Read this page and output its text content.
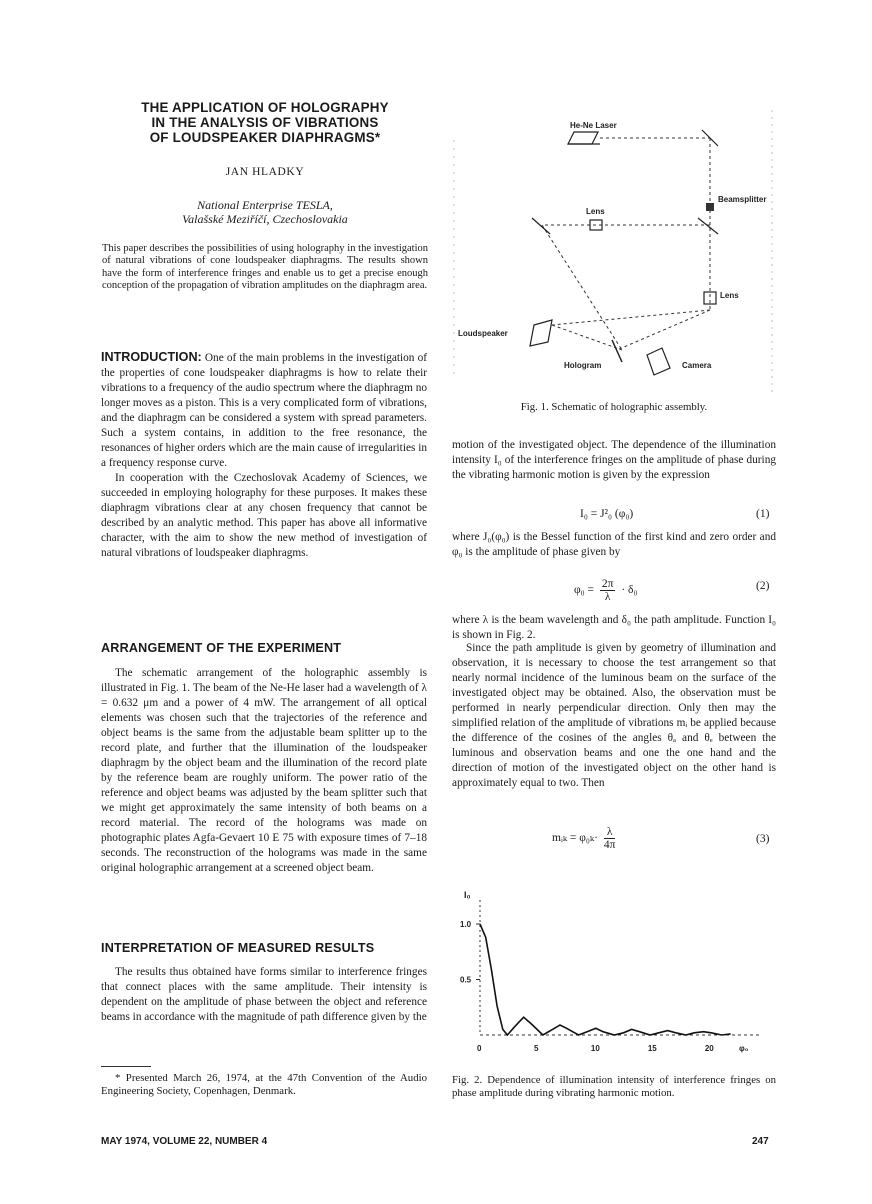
THE APPLICATION OF HOLOGRAPHY
IN THE ANALYSIS OF VIBRATIONS
OF LOUDSPEAKER DIAPHRAGMS*
JAN HLADKY
National Enterprise TESLA,
Valašské Meziříčí, Czechoslovakia
This paper describes the possibilities of using holography in the investigation of natural vibrations of cone loudspeaker diaphragms. The results shown have the form of interference fringes and enable us to get a precise enough conception of the propagation of vibration amplitudes on the diaphragm area.

INTRODUCTION: One of the main problems in the investigation of the properties of cone loudspeaker diaphragms is how to relate their vibrations to a frequency of the audio spectrum where the diaphragm no longer moves as a piston. This is a very complicated form of vibrations, and the diaphragm can be considered a system with spread parameters. Such a system contains, in addition to the free resonance, the resonances of higher orders which are the main cause of irregularities in a frequency response curve.

In cooperation with the Czechoslovak Academy of Sciences, we succeeded in employing holography for these purposes. It makes these diaphragm vibrations clear at any chosen frequency that cannot be described by an analytic method. This paper has above all informative character, with the aim to show the new method of investigation of natural vibrations of loudspeaker diaphragms.

ARRANGEMENT OF THE EXPERIMENT

The schematic arrangement of the holographic assembly is illustrated in Fig. 1. The beam of the Ne-He laser had a wavelength of λ = 0.632 μm and a power of 4 mW. The arrangement of all optical elements was chosen such that the trajectories of the reference and object beams is the same from the adjustable beam splitter up to the record plate, and further that the illumination of the loudspeaker diaphragm by the object beam and the illumination of the record plate by the reference beam are roughly uniform. The power ratio of the reference and object beams was adjusted by the beam splitter such that we might get approximately the same intensity of both beams on a record material. The record of the holograms was made on photographic plates Agfa-Gevaert 10 E 75 with exposure times of 7–18 seconds. The reconstruction of the holograms was made in the same original holographic arrangement at a screened object beam.

INTERPRETATION OF MEASURED RESULTS

The results thus obtained have forms similar to interference fringes that connect places with the same amplitude. Their intensity is dependent on the amplitude of phase between the object and reference beams in accordance with the magnitude of path difference given by the

* Presented March 26, 1974, at the 47th Convention of the Audio Engineering Society, Copenhagen, Denmark.
MAY 1974, VOLUME 22, NUMBER 4	247
He-Ne Laser
Beamsplitter
Lens
Lens
Loudspeaker
Hologram	Camera
Fig. 1. Schematic of holographic assembly.
motion of the investigated object. The dependence of the illumination intensity I₀ of the interference fringes on the amplitude of phase during the vibrating harmonic motion is given by the expression
I₀ = J²₀ (φ₀)	(1)
where J₀(φ₀) is the Bessel function of the first kind and zero order and φ₀ is the amplitude of phase given by
$\varphi_0 = \frac{2\pi}{\lambda} \cdot \delta_0$	(2)
where λ is the beam wavelength and δ₀ the path amplitude. Function I₀ is shown in Fig. 2.
Since the path amplitude is given by geometry of illumination and observation, it is necessary to choose the test arrangement so that nearly normal incidence of the luminous beam on the surface of the investigated object may be obtained. Also, the observation must be performed in nearly perpendicular direction. Only then may the simplified relation of the amplitude of vibrations mᵢ be applied because the difference of the cosines of the angles θₐ and θₑ between the luminous and observation beams and one the one hand and the direction of motion of the investigated object on the other hand is approximately equal to two. Then
mᵢₖ = $\varphi_{0k}\cdot \frac{\lambda}{4\pi}$	(3)
I₀
1.0
0.5
0	5	10	15	20	φ₀
Fig. 2. Dependence of illumination intensity of interference fringes on phase amplitude during vibrating harmonic motion.
